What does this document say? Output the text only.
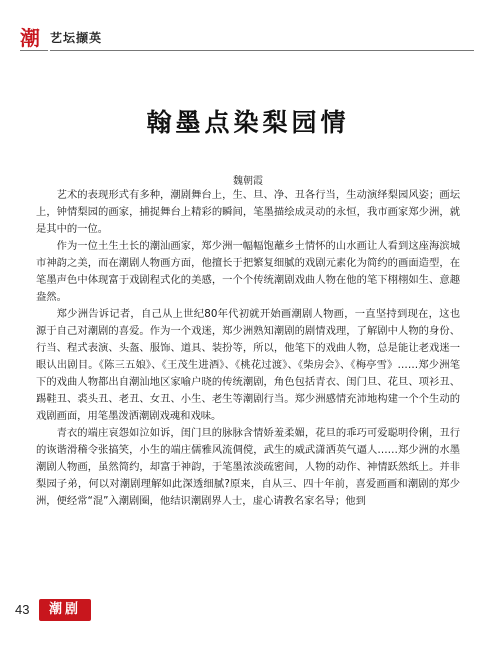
潮 艺坛撷英
翰墨点染梨园情
魏朝霞

艺术的表现形式有多种，潮剧舞台上，生、旦、净、丑各行当，生动演绎梨园风姿；画坛上，钟情梨园的画家，捕捉舞台上精彩的瞬间，笔墨描绘成灵动的永恒，我市画家郑少洲，就是其中的一位。

作为一位土生土长的潮汕画家，郑少洲一幅幅饱蘸乡土情怀的山水画让人看到这座海滨城市神韵之美，而在潮剧人物画方面，他擅长于把繁复细腻的戏剧元素化为简约的画面造型，在笔墨声色中体现富于戏剧程式化的美感，一个个传统潮剧戏曲人物在他的笔下栩栩如生、意趣盎然。

郑少洲告诉记者，自己从上世纪80年代初就开始画潮剧人物画，一直坚持到现在，这也源于自己对潮剧的喜爱。作为一个戏迷，郑少洲熟知潮剧的剧情戏理，了解剧中人物的身份、行当、程式表演、头盔、服饰、道具、装扮等，所以，他笔下的戏曲人物，总是能让老戏迷一眼认出剧目。《陈三五娘》、《王茂生进酒》、《桃花过渡》、《柴房会》、《梅亭雪》……郑少洲笔下的戏曲人物都出自潮汕地区家喻户晓的传统潮剧，角色包括青衣、闺门旦、花旦、项衫丑、踢鞋丑、裘头丑、老丑、女丑、小生、老生等潮剧行当。郑少洲感情充沛地构建一个个生动的戏剧画面，用笔墨泼洒潮剧戏魂和戏味。

青衣的端庄哀怨如泣如诉，闺门旦的脉脉含情娇羞柔媚，花旦的乖巧可爱聪明伶俐，丑行的诙谐滑稽令张搞笑，小生的端庄儒雅风流倜傥，武生的威武潇洒英气逼人……郑少洲的水墨潮剧人物画，虽然简约，却富于神韵，于笔墨浓淡疏密间，人物的动作、神情跃然纸上。并非梨园子弟，何以对潮剧理解如此深透细腻?原来，自从三、四十年前，喜爱画画和潮剧的郑少洲，便经常“混”入潮剧圈，他结识潮剧界人士，虚心请教名家名导；他到

43	潮剧
